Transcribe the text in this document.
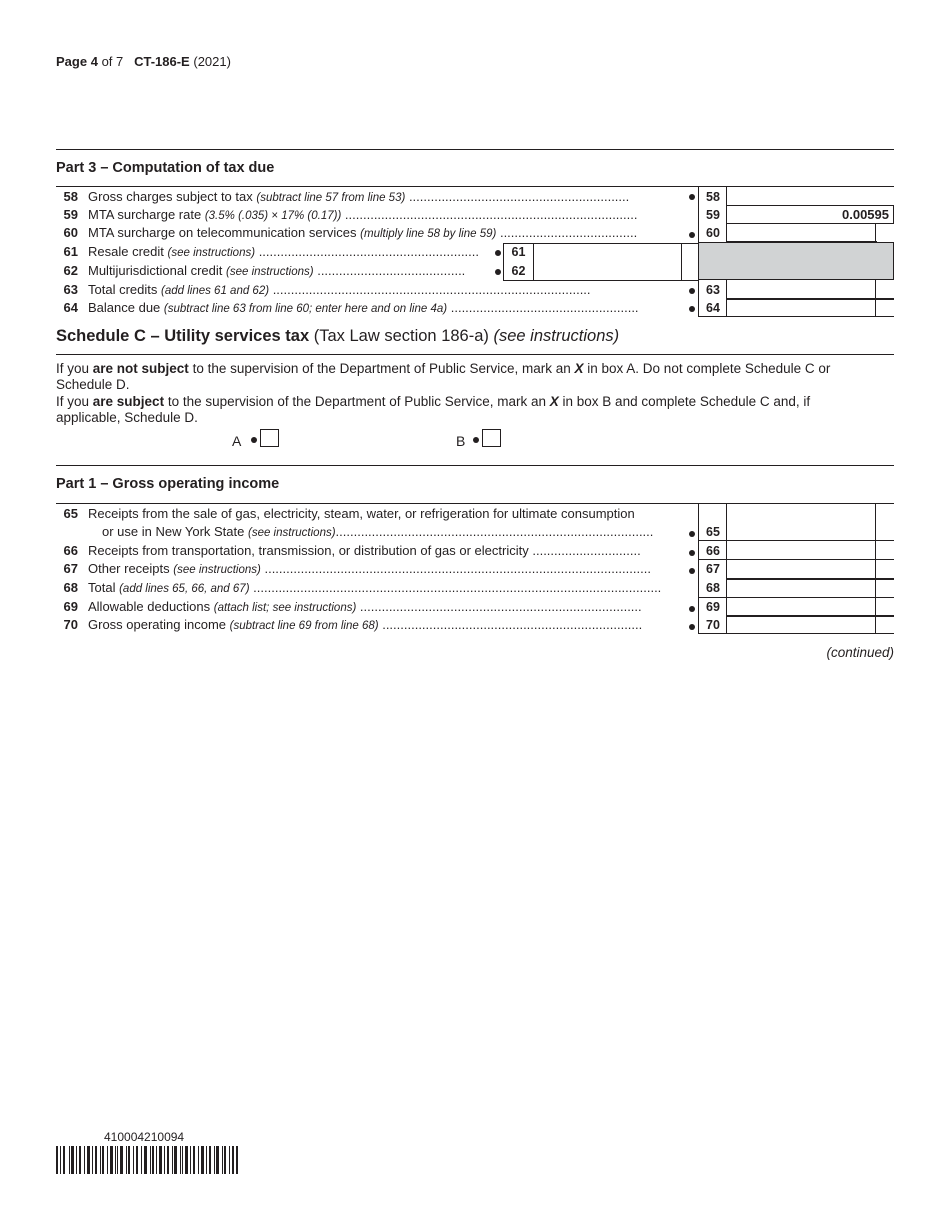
Page 4 of 7 CT-186-E (2021)
Part 3 – Computation of tax due
58 Gross charges subject to tax (subtract line 57 from line 53) .............................................................	58
59 MTA surcharge rate (3.5% (.035) × 17% (0.17)) .................................................................................	59	0.00595
60 MTA surcharge on telecommunication services (multiply line 58 by line 59) ......................................	60
61 Resale credit (see instructions) .............................................................	61
62 Multijurisdictional credit (see instructions) .........................................	62
63 Total credits (add lines 61 and 62) ........................................................................................	63
64 Balance due (subtract line 63 from line 60; enter here and on line 4a) ....................................................	64
Schedule C – Utility services tax (Tax Law section 186-a) (see instructions)
If you are not subject to the supervision of the Department of Public Service, mark an X in box A. Do not complete Schedule C or Schedule D.
If you are subject to the supervision of the Department of Public Service, mark an X in box B and complete Schedule C and, if applicable, Schedule D.
A	B
Part 1 – Gross operating income
65 Receipts from the sale of gas, electricity, steam, water, or refrigeration for ultimate consumption
or use in New York State (see instructions)........................................................................................	65
66 Receipts from transportation, transmission, or distribution of gas or electricity ..............................	66
67 Other receipts (see instructions) ...........................................................................................................	67
68 Total (add lines 65, 66, and 67) .................................................................................................................	68
69 Allowable deductions (attach list; see instructions) ..............................................................................	69
70 Gross operating income (subtract line 69 from line 68) ........................................................................	70
(continued)
410004210094
